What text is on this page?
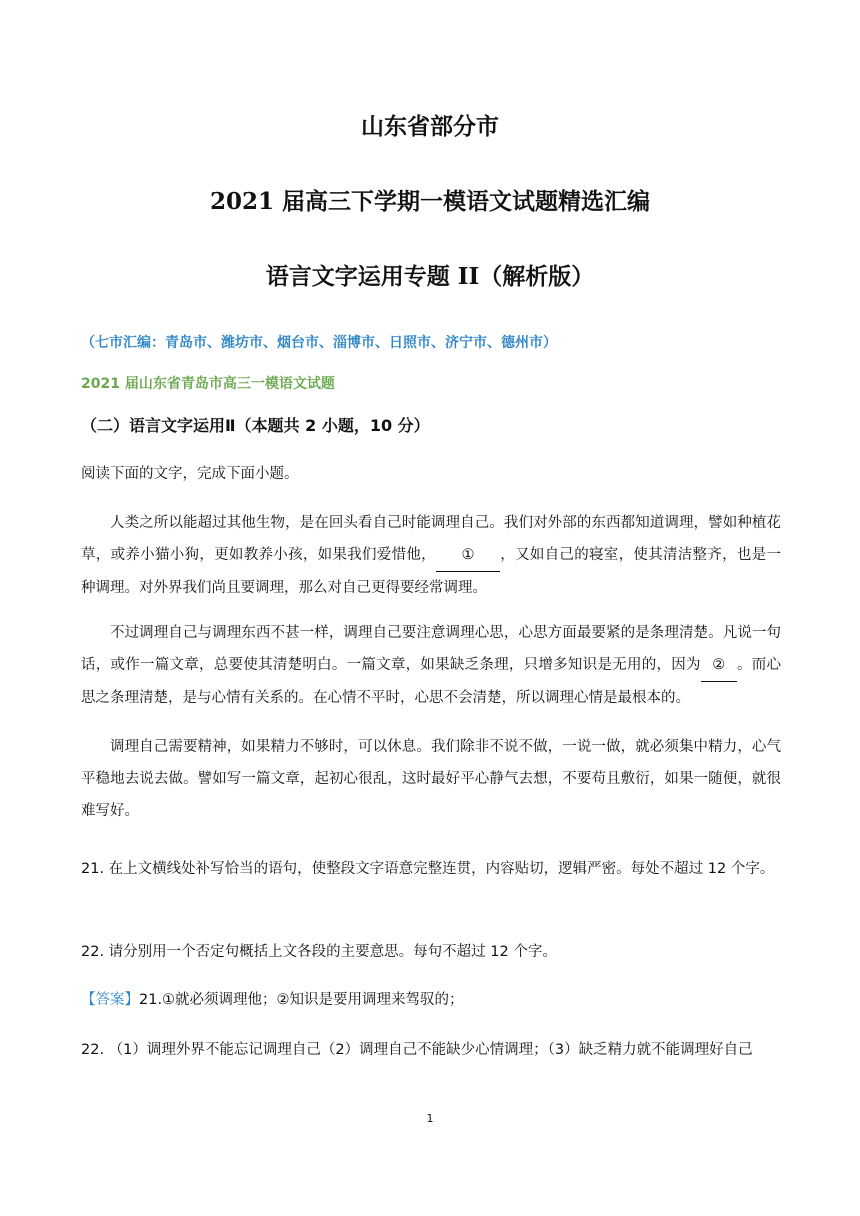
山东省部分市
2021 届高三下学期一模语文试题精选汇编
语言文字运用专题 II（解析版）
（七市汇编：青岛市、潍坊市、烟台市、淄博市、日照市、济宁市、德州市）
2021 届山东省青岛市高三一模语文试题
（二）语言文字运用Ⅱ（本题共 2 小题，10 分）
阅读下面的文字，完成下面小题。
人类之所以能超过其他生物，是在回头看自己时能调理自己。我们对外部的东西都知道调理，譬如种植花草，或养小猫小狗，更如教养小孩，如果我们爱惜他， ① ，又如自己的寝室，使其清洁整齐，也是一种调理。对外界我们尚且要调理，那么对自己更得要经常调理。
不过调理自己与调理东西不甚一样，调理自己要注意调理心思，心思方面最要紧的是条理清楚。凡说一句话，或作一篇文章，总要使其清楚明白。一篇文章，如果缺乏条理，只增多知识是无用的，因为 ② 。而心思之条理清楚，是与心情有关系的。在心情不平时，心思不会清楚，所以调理心情是最根本的。
调理自己需要精神，如果精力不够时，可以休息。我们除非不说不做，一说一做，就必须集中精力，心气平稳地去说去做。譬如写一篇文章，起初心很乱，这时最好平心静气去想，不要苟且敷衍，如果一随便，就很难写好。
21. 在上文横线处补写恰当的语句，使整段文字语意完整连贯，内容贴切，逻辑严密。每处不超过 12 个字。
22. 请分别用一个否定句概括上文各段的主要意思。每句不超过 12 个字。
【答案】21.①就必须调理他；②知识是要用调理来驾驭的；
22. （1）调理外界不能忘记调理自己（2）调理自己不能缺少心情调理；（3）缺乏精力就不能调理好自己
1
